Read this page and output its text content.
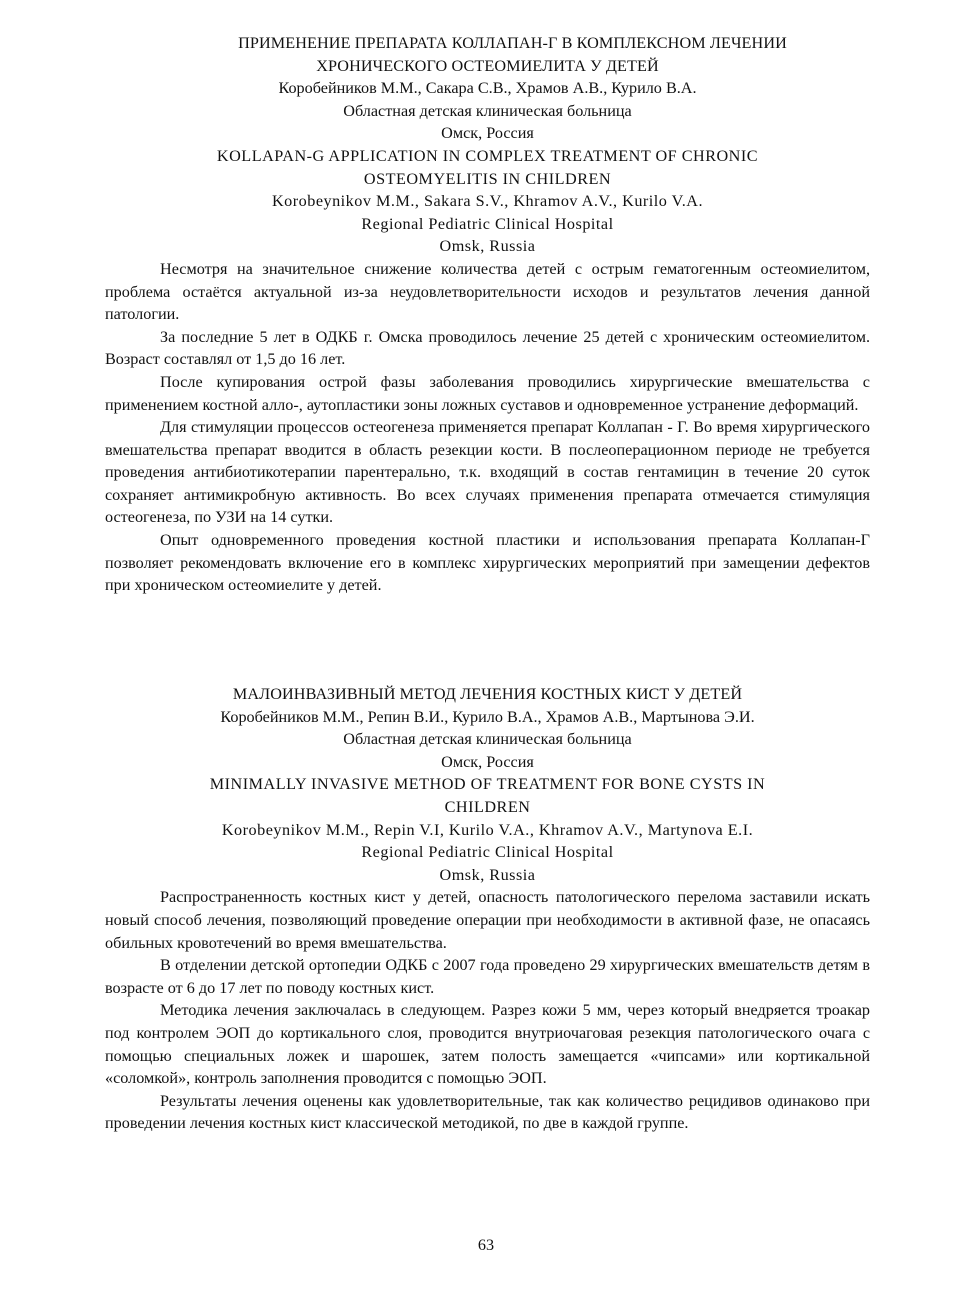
ПРИМЕНЕНИЕ ПРЕПАРАТА КОЛЛАПАН-Г В КОМПЛЕКСНОМ ЛЕЧЕНИИ
ХРОНИЧЕСКОГО ОСТЕОМИЕЛИТА У ДЕТЕЙ
Коробейников М.М., Сакара С.В., Храмов А.В., Курило В.А.
Областная детская клиническая больница
Омск, Россия
KOLLAPAN-G APPLICATION IN COMPLEX TREATMENT OF CHRONIC
OSTEOMYELITIS IN CHILDREN
Korobeynikov M.M., Sakara S.V., Khramov A.V., Kurilo V.A.
Regional Pediatric Clinical Hospital
Omsk, Russia

Несмотря на значительное снижение количества детей с острым гематогенным остеомиелитом, проблема остаётся актуальной из-за неудовлетворительности исходов и результатов лечения данной патологии.

За последние 5 лет в ОДКБ г. Омска проводилось лечение 25 детей с хроническим остеомиелитом. Возраст составлял от 1,5 до 16 лет.

После купирования острой фазы заболевания проводились хирургические вмешательства с применением костной алло-, аутопластики зоны ложных суставов и одновременное устранение деформаций.

Для стимуляции процессов остеогенеза применяется препарат Коллапан - Г. Во время хирургического вмешательства препарат вводится в область резекции кости. В послеоперационном периоде не требуется проведения антибиотикотерапии парентерально, т.к. входящий в состав гентамицин в течение 20 суток сохраняет антимикробную активность. Во всех случаях применения препарата отмечается стимуляция остеогенеза, по УЗИ на 14 сутки.

Опыт одновременного проведения костной пластики и использования препарата Коллапан-Г позволяет рекомендовать включение его в комплекс хирургических мероприятий при замещении дефектов при хроническом остеомиелите у детей.

МАЛОИНВАЗИВНЫЙ МЕТОД ЛЕЧЕНИЯ КОСТНЫХ КИСТ У ДЕТЕЙ
Коробейников М.М., Репин В.И., Курило В.А., Храмов А.В., Мартынова Э.И.
Областная детская клиническая больница
Омск, Россия
MINIMALLY INVASIVE METHOD OF TREATMENT FOR BONE CYSTS IN
CHILDREN
Korobeynikov M.M., Repin V.I, Kurilo V.A., Khramov A.V., Martynova E.I.
Regional Pediatric Clinical Hospital
Omsk, Russia

Распространенность костных кист у детей, опасность патологического перелома заставили искать новый способ лечения, позволяющий проведение операции при необходимости в активной фазе, не опасаясь обильных кровотечений во время вмешательства.

В отделении детской ортопедии ОДКБ с 2007 года проведено 29 хирургических вмешательств детям в возрасте от 6 до 17 лет по поводу костных кист.

Методика лечения заключалась в следующем. Разрез кожи 5 мм, через который внедряется троакар под контролем ЭОП до кортикального слоя, проводится внутриочаговая резекция патологического очага с помощью специальных ложек и шарошек, затем полость замещается «чипсами» или кортикальной «соломкой», контроль заполнения проводится с помощью ЭОП.

Результаты лечения оценены как удовлетворительные, так как количество рецидивов одинаково при проведении лечения костных кист классической методикой, по две в каждой группе.

63
